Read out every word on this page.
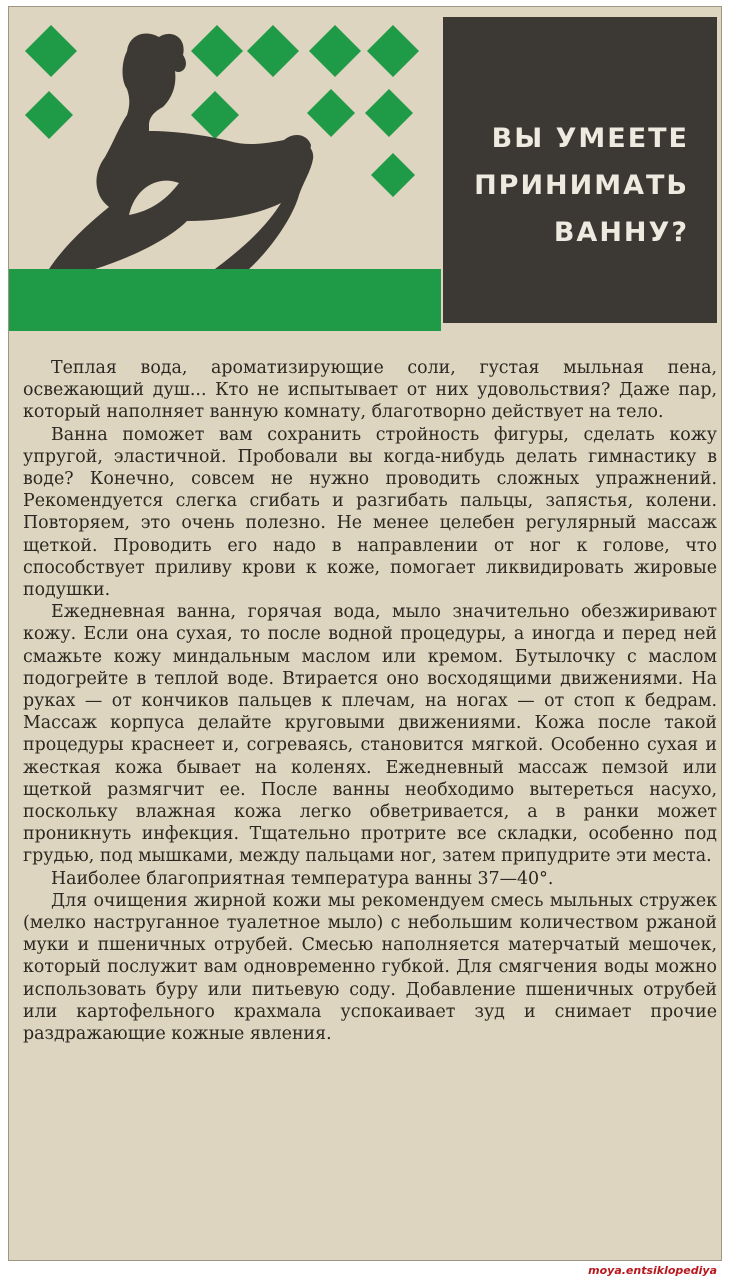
ВЫ УМЕЕТЕ
ПРИНИМАТЬ
ВАННУ?

Теплая вода, ароматизирующие соли, густая мыльная пена, освежающий душ... Кто не испытывает от них удовольствия? Даже пар, который наполняет ванную комнату, благотворно действует на тело.

Ванна поможет вам сохранить стройность фигуры, сделать кожу упругой, эластичной. Пробовали вы когда-нибудь делать гимнастику в воде? Конечно, совсем не нужно проводить сложных упражнений. Рекомендуется слегка сгибать и разгибать пальцы, запястья, колени. Повторяем, это очень полезно. Не менее целебен регулярный массаж щеткой. Проводить его надо в направлении от ног к голове, что способствует приливу крови к коже, помогает ликвидировать жировые подушки.

Ежедневная ванна, горячая вода, мыло значительно обезжиривают кожу. Если она сухая, то после водной процедуры, а иногда и перед ней смажьте кожу миндальным маслом или кремом. Бутылочку с маслом подогрейте в теплой воде. Втирается оно восходящими движениями. На руках — от кончиков пальцев к плечам, на ногах — от стоп к бедрам. Массаж корпуса делайте круговыми движениями. Кожа после такой процедуры краснеет и, согреваясь, становится мягкой. Особенно сухая и жесткая кожа бывает на коленях. Ежедневный массаж пемзой или щеткой размягчит ее. После ванны необходимо вытереться насухо, поскольку влажная кожа легко обветривается, а в ранки может проникнуть инфекция. Тщательно протрите все складки, особенно под грудью, под мышками, между пальцами ног, затем припудрите эти места.

Наиболее благоприятная температура ванны 37—40°.

Для очищения жирной кожи мы рекомендуем смесь мыльных стружек (мелко наструганное туалетное мыло) с небольшим количеством ржаной муки и пшеничных отрубей. Смесью наполняется матерчатый мешочек, который послужит вам одновременно губкой. Для смягчения воды можно использовать буру или питьевую соду. Добавление пшеничных отрубей или картофельного крахмала успокаивает зуд и снимает прочие раздражающие кожные явления.

moya.entsiklopediya
